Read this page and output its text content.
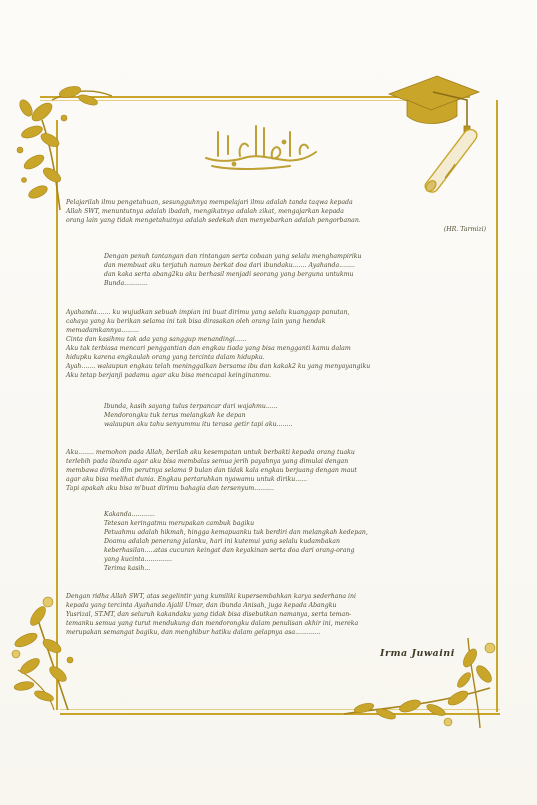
Pelajarilah ilmu pengetahuan, sesungguhnya mempelajari ilmu adalah tanda taqwa kepada

Allah SWT, menuntutnya adalah ibadah, mengikatnya adalah zikat, mengajarkan kepada

orang lain yang tidak mengetahuinya adalah sedekah dan menyebarkan adalah pengorbanan.

(HR. Tarmizi)

Dengan penuh tantangan dan rintangan serta cobaan yang selalu menghampiriku

dan membuat aku terjatuh namun berkat doa dari ibundaku....... Ayahanda........

dan kaka serta abang2ku aku berhasil menjadi seorang yang berguna untukmu

Bunda............

Ayahanda....... ku wujudkan sebuah impian ini buat dirimu yang selalu kuanggap panutan,

cahaya yang ku berikan selama ini tak bisa dirasakan oleh orang lain yang hendak

memadamkannya.........

Cinta dan kasihmu tak ada yang sanggup menandingi......

Aku tak terbiasa mencari penggantian dan engkau tiada yang bisa mengganti kamu dalam

hidupku karena engkaulah orang yang tercinta dalam hidupku.

Ayah....... walaupun engkau telah meninggalkan bersama ibu dan kakak2 ku yang menyayangiku

Aku tetap berjanji padamu agar aku bisa mencapai keinginanmu.

Ibunda, kasih sayang tulus terpancar dari wajahmu......

Mendorongku tuk terus melangkah ke depan

walaupun aku tahu senyummu itu terasa getir tapi aku........

Aku........ memohon pada Allah, berilah aku kesempatan untuk berbakti kepada orang tuaku

terlebih pada ibunda agar aku bisa membalas semua jerih payahnya yang dimulai dengan

membawa diriku dlm perutnya selama 9 bulan dan tidak kala engkau berjuang dengan maut

agar aku bisa melihat dunia. Engkau pertaruhkan nyawamu untuk diriku......

Tapi apakah aku bisa m'buat dirimu bahagia dan tersenyum..........

Kakanda............

Tetesan keringatmu merupakan cambuk bagiku

Petuahmu adalah hikmah, hingga kemapuanku tuk berdiri dan melangkah kedepan,

Doamu adalah penerang jalanku, hari ini kutemui yang selalu kudambakan

keberhasilan.....atas cucuran keingat dan keyakinan serta doa dari orang-orang

yang kucinta..............

Terima kasih...

Dengan ridha Allah SWT, atas segelintir yang kumiliki kupersembahkan karya sederhana ini

kepada yang tercinta Ayahanda Ajalil Umar, dan ibunda Anisah, juga kepada Abangku

Yusrizal, ST.MT, dan seluruh kakandaku yang tidak bisa disebutkan namanya, serta teman-

temanku semua yang turut mendukung dan mendorongku dalam penulisan akhir ini, mereka

merupakan semangat bagiku, dan menghibur hatiku dalam gelapnya asa.............

Irma Juwaini
